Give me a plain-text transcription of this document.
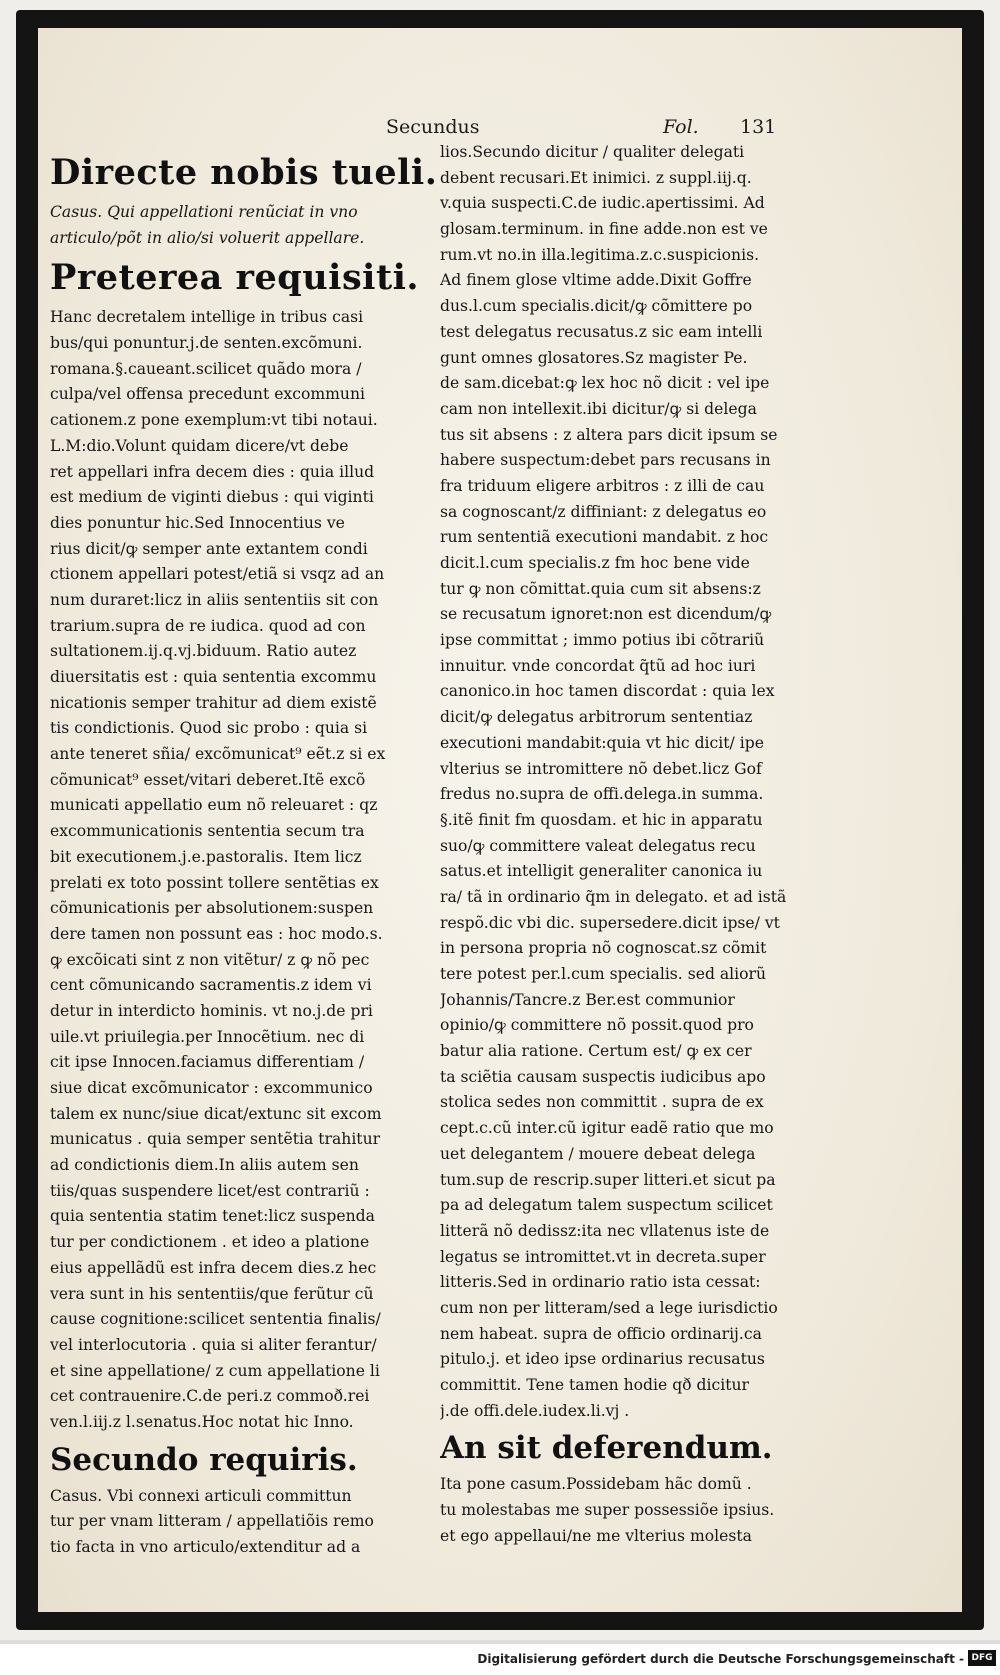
Secundus	Fol. 131
Directe nobis tueli.
Casus. Qui appellationi renũciat in vno
articulo/põt in alio/si voluerit appellare.
Preterea requisiti.
Hanc decretalem intellige in tribus casi
bus/qui ponuntur.j.de senten.excõmuni.
romana.§.caueant.scilicet quãdo mora /
culpa/vel offensa precedunt excommuni
cationem.z pone exemplum:vt tibi notaui.
L.M:dio.Volunt quidam dicere/vt debe
ret appellari infra decem dies : quia illud
est medium de viginti diebus : qui viginti
dies ponuntur hic.Sed Innocentius ve
rius dicit/ꝙ semper ante extantem condi
ctionem appellari potest/etiã si vsqz ad an
num duraret:licz in aliis sententiis sit con
trarium.supra de re iudica. quod ad con
sultationem.ij.q.vj.biduum. Ratio autez
diuersitatis est : quia sententia excommu
nicationis semper trahitur ad diem existẽ
tis condictionis. Quod sic probo : quia si
ante teneret sñia/ excõmunicat⁹ eẽt.z si ex
cõmunicat⁹ esset/vitari deberet.Itẽ excõ
municati appellatio eum nõ releuaret : qz
excommunicationis sententia secum tra
bit executionem.j.e.pastoralis. Item licz
prelati ex toto possint tollere sentẽtias ex
cõmunicationis per absolutionem:suspen
dere tamen non possunt eas : hoc modo.s.
ꝙ excõicati sint z non vitẽtur/ z ꝙ nõ pec
cent cõmunicando sacramentis.z idem vi
detur in interdicto hominis. vt no.j.de pri
uile.vt priuilegia.per Innocẽtium. nec di
cit ipse Innocen.faciamus differentiam /
siue dicat excõmunicator : excommunico
talem ex nunc/siue dicat/extunc sit excom
municatus . quia semper sentẽtia trahitur
ad condictionis diem.In aliis autem sen
tiis/quas suspendere licet/est contrariũ :
quia sententia statim tenet:licz suspenda
tur per condictionem . et ideo a platione
eius appellãdũ est infra decem dies.z hec
vera sunt in his sententiis/que ferũtur cũ
cause cognitione:scilicet sententia finalis/
vel interlocutoria . quia si aliter ferantur/
et sine appellatione/ z cum appellatione li
cet contrauenire.C.de peri.z commoð.rei
ven.l.iij.z l.senatus.Hoc notat hic Inno.
Secundo requiris.
Casus. Vbi connexi articuli committun
tur per vnam litteram / appellatiõis remo
tio facta in vno articulo/extenditur ad a
lios.Secundo dicitur / qualiter delegati
debent recusari.Et inimici. z suppl.iij.q.
v.quia suspecti.C.de iudic.apertissimi. Ad
glosam.terminum. in fine adde.non est ve
rum.vt no.in illa.legitima.z.c.suspicionis.
Ad finem glose vltime adde.Dixit Goffre
dus.l.cum specialis.dicit/ꝙ cõmittere po
test delegatus recusatus.z sic eam intelli
gunt omnes glosatores.Sz magister Pe.
de sam.dicebat:ꝙ lex hoc nõ dicit : vel ipe
cam non intellexit.ibi dicitur/ꝙ si delega
tus sit absens : z altera pars dicit ipsum se
habere suspectum:debet pars recusans in
fra triduum eligere arbitros : z illi de cau
sa cognoscant/z diffiniant: z delegatus eo
rum sententiã executioni mandabit. z hoc
dicit.l.cum specialis.z fm hoc bene vide
tur ꝙ non cõmittat.quia cum sit absens:z
se recusatum ignoret:non est dicendum/ꝙ
ipse committat ; immo potius ibi cõtrariũ
innuitur. vnde concordat q̃tũ ad hoc iuri
canonico.in hoc tamen discordat : quia lex
dicit/ꝙ delegatus arbitrorum sententiaz
executioni mandabit:quia vt hic dicit/ ipe
vlterius se intromittere nõ debet.licz Gof
fredus no.supra de offi.delega.in summa.
§.itẽ finit fm quosdam. et hic in apparatu
suo/ꝙ committere valeat delegatus recu
satus.et intelligit generaliter canonica iu
ra/ tã in ordinario q̃m in delegato. et ad istã
respõ.dic vbi dic. supersedere.dicit ipse/ vt
in persona propria nõ cognoscat.sz cõmit
tere potest per.l.cum specialis. sed aliorũ
Johannis/Tancre.z Ber.est communior
opinio/ꝙ committere nõ possit.quod pro
batur alia ratione. Certum est/ ꝙ ex cer
ta sciẽtia causam suspectis iudicibus apo
stolica sedes non committit . supra de ex
cept.c.cũ inter.cũ igitur eadẽ ratio que mo
uet delegantem / mouere debeat delega
tum.sup de rescrip.super litteri.et sicut pa
pa ad delegatum talem suspectum scilicet
litterã nõ dedissz:ita nec vllatenus iste de
legatus se intromittet.vt in decreta.super
litteris.Sed in ordinario ratio ista cessat:
cum non per litteram/sed a lege iurisdictio
nem habeat. supra de officio ordinarij.ca
pitulo.j. et ideo ipse ordinarius recusatus
committit. Tene tamen hodie qð dicitur
j.de offi.dele.iudex.li.vj .
An sit deferendum.
Ita pone casum.Possidebam hãc domũ .
tu molestabas me super possessiõe ipsius.
et ego appellaui/ne me vlterius molesta
Digitalisierung gefördert durch die Deutsche Forschungsgemeinschaft - DFG
